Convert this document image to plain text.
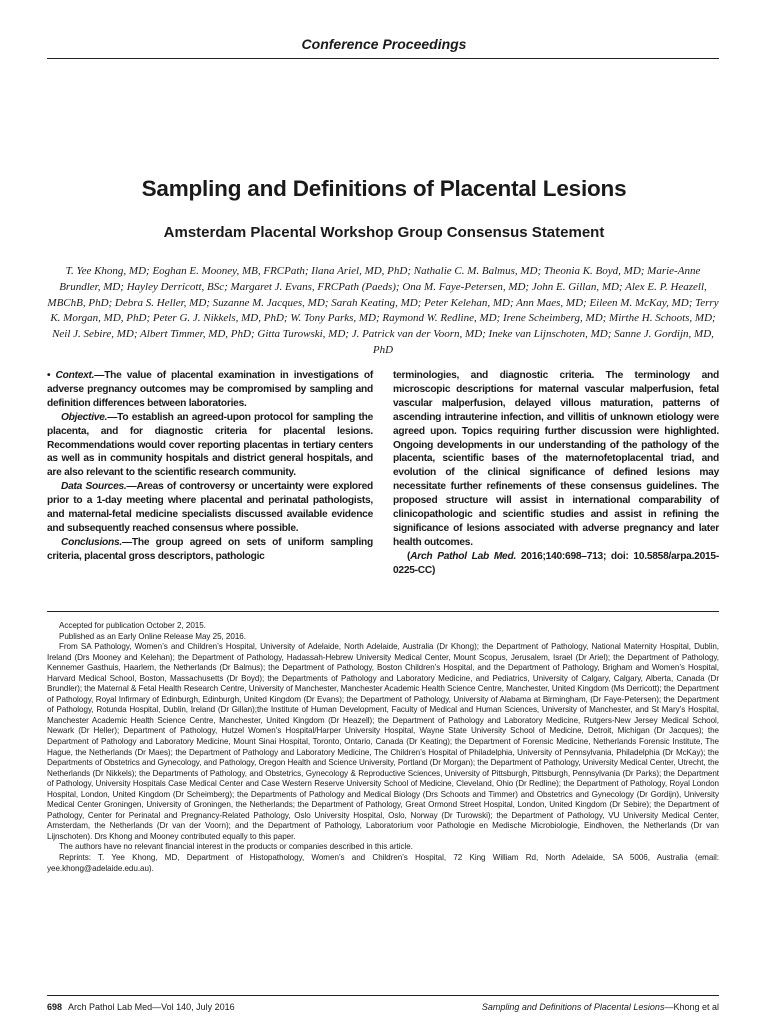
Conference Proceedings
Sampling and Definitions of Placental Lesions
Amsterdam Placental Workshop Group Consensus Statement

T. Yee Khong, MD; Eoghan E. Mooney, MB, FRCPath; Ilana Ariel, MD, PhD; Nathalie C. M. Balmus, MD; Theonia K. Boyd, MD; Marie-Anne Brundler, MD; Hayley Derricott, BSc; Margaret J. Evans, FRCPath (Paeds); Ona M. Faye-Petersen, MD; John E. Gillan, MD; Alex E. P. Heazell, MBChB, PhD; Debra S. Heller, MD; Suzanne M. Jacques, MD; Sarah Keating, MD; Peter Kelehan, MD; Ann Maes, MD; Eileen M. McKay, MD; Terry K. Morgan, MD, PhD; Peter G. J. Nikkels, MD, PhD; W. Tony Parks, MD; Raymond W. Redline, MD; Irene Scheimberg, MD; Mirthe H. Schoots, MD; Neil J. Sebire, MD; Albert Timmer, MD, PhD; Gitta Turowski, MD; J. Patrick van der Voorn, MD; Ineke van Lijnschoten, MD; Sanne J. Gordijn, MD, PhD

• Context.—The value of placental examination in investigations of adverse pregnancy outcomes may be compromised by sampling and definition differences between laboratories.

Objective.—To establish an agreed-upon protocol for sampling the placenta, and for diagnostic criteria for placental lesions. Recommendations would cover reporting placentas in tertiary centers as well as in community hospitals and district general hospitals, and are also relevant to the scientific research community.

Data Sources.—Areas of controversy or uncertainty were explored prior to a 1-day meeting where placental and perinatal pathologists, and maternal-fetal medicine specialists discussed available evidence and subsequently reached consensus where possible.

Conclusions.—The group agreed on sets of uniform sampling criteria, placental gross descriptors, pathologic

terminologies, and diagnostic criteria. The terminology and microscopic descriptions for maternal vascular malperfusion, fetal vascular malperfusion, delayed villous maturation, patterns of ascending intrauterine infection, and villitis of unknown etiology were agreed upon. Topics requiring further discussion were highlighted. Ongoing developments in our understanding of the pathology of the placenta, scientific bases of the maternofetoplacental triad, and evolution of the clinical significance of defined lesions may necessitate further refinements of these consensus guidelines. The proposed structure will assist in international comparability of clinicopathologic and scientific studies and assist in refining the significance of lesions associated with adverse pregnancy and later health outcomes.

(Arch Pathol Lab Med. 2016;140:698–713; doi: 10.5858/arpa.2015-0225-CC)

Accepted for publication October 2, 2015.

Published as an Early Online Release May 25, 2016.

From SA Pathology, Women’s and Children’s Hospital, University of Adelaide, North Adelaide, Australia (Dr Khong); the Department of Pathology, National Maternity Hospital, Dublin, Ireland (Drs Mooney and Kelehan); the Department of Pathology, Hadassah-Hebrew University Medical Center, Mount Scopus, Jerusalem, Israel (Dr Ariel); the Department of Pathology, Kennemer Gasthuis, Haarlem, the Netherlands (Dr Balmus); the Department of Pathology, Boston Children’s Hospital, and the Department of Pathology, Brigham and Women’s Hospital, Harvard Medical School, Boston, Massachusetts (Dr Boyd); the Departments of Pathology and Laboratory Medicine, and Pediatrics, University of Calgary, Calgary, Alberta, Canada (Dr Brundler); the Maternal & Fetal Health Research Centre, University of Manchester, Manchester Academic Health Science Centre, Manchester, United Kingdom (Ms Derricott); the Department of Pathology, Royal Infirmary of Edinburgh, Edinburgh, United Kingdom (Dr Evans); the Department of Pathology, University of Alabama at Birmingham, (Dr Faye-Petersen); the Department of Pathology, Rotunda Hospital, Dublin, Ireland (Dr Gillan);the Institute of Human Development, Faculty of Medical and Human Sciences, University of Manchester, and St Mary’s Hospital, Manchester Academic Health Science Centre, Manchester, United Kingdom (Dr Heazell); the Department of Pathology and Laboratory Medicine, Rutgers-New Jersey Medical School, Newark (Dr Heller); Department of Pathology, Hutzel Women’s Hospital/Harper University Hospital, Wayne State University School of Medicine, Detroit, Michigan (Dr Jacques); the Department of Pathology and Laboratory Medicine, Mount Sinai Hospital, Toronto, Ontario, Canada (Dr Keating); the Department of Forensic Medicine, Netherlands Forensic Institute, The Hague, the Netherlands (Dr Maes); the Department of Pathology and Laboratory Medicine, The Children’s Hospital of Philadelphia, University of Pennsylvania, Philadelphia (Dr McKay); the Departments of Obstetrics and Gynecology, and Pathology, Oregon Health and Science University, Portland (Dr Morgan); the Department of Pathology, University Medical Center, Utrecht, the Netherlands (Dr Nikkels); the Departments of Pathology, and Obstetrics, Gynecology & Reproductive Sciences, University of Pittsburgh, Pittsburgh, Pennsylvania (Dr Parks); the Department of Pathology, University Hospitals Case Medical Center and Case Western Reserve University School of Medicine, Cleveland, Ohio (Dr Redline); the Department of Pathology, Royal London Hospital, London, United Kingdom (Dr Scheimberg); the Departments of Pathology and Medical Biology (Drs Schoots and Timmer) and Obstetrics and Gynecology (Dr Gordijn), University Medical Center Groningen, University of Groningen, the Netherlands; the Department of Pathology, Great Ormond Street Hospital, London, United Kingdom (Dr Sebire); the Department of Pathology, Center for Perinatal and Pregnancy-Related Pathology, Oslo University Hospital, Oslo, Norway (Dr Turowski); the Department of Pathology, VU University Medical Center, Amsterdam, the Netherlands (Dr van der Voorn); and the Department of Pathology, Laboratorium voor Pathologie en Medische Microbiologie, Eindhoven, the Netherlands (Dr van Lijnschoten). Drs Khong and Mooney contributed equally to this paper.

The authors have no relevant financial interest in the products or companies described in this article.

Reprints: T. Yee Khong, MD, Department of Histopathology, Women’s and Children’s Hospital, 72 King William Rd, North Adelaide, SA 5006, Australia (email: yee.khong@adelaide.edu.au).

698 Arch Pathol Lab Med—Vol 140, July 2016	Sampling and Definitions of Placental Lesions—Khong et al
